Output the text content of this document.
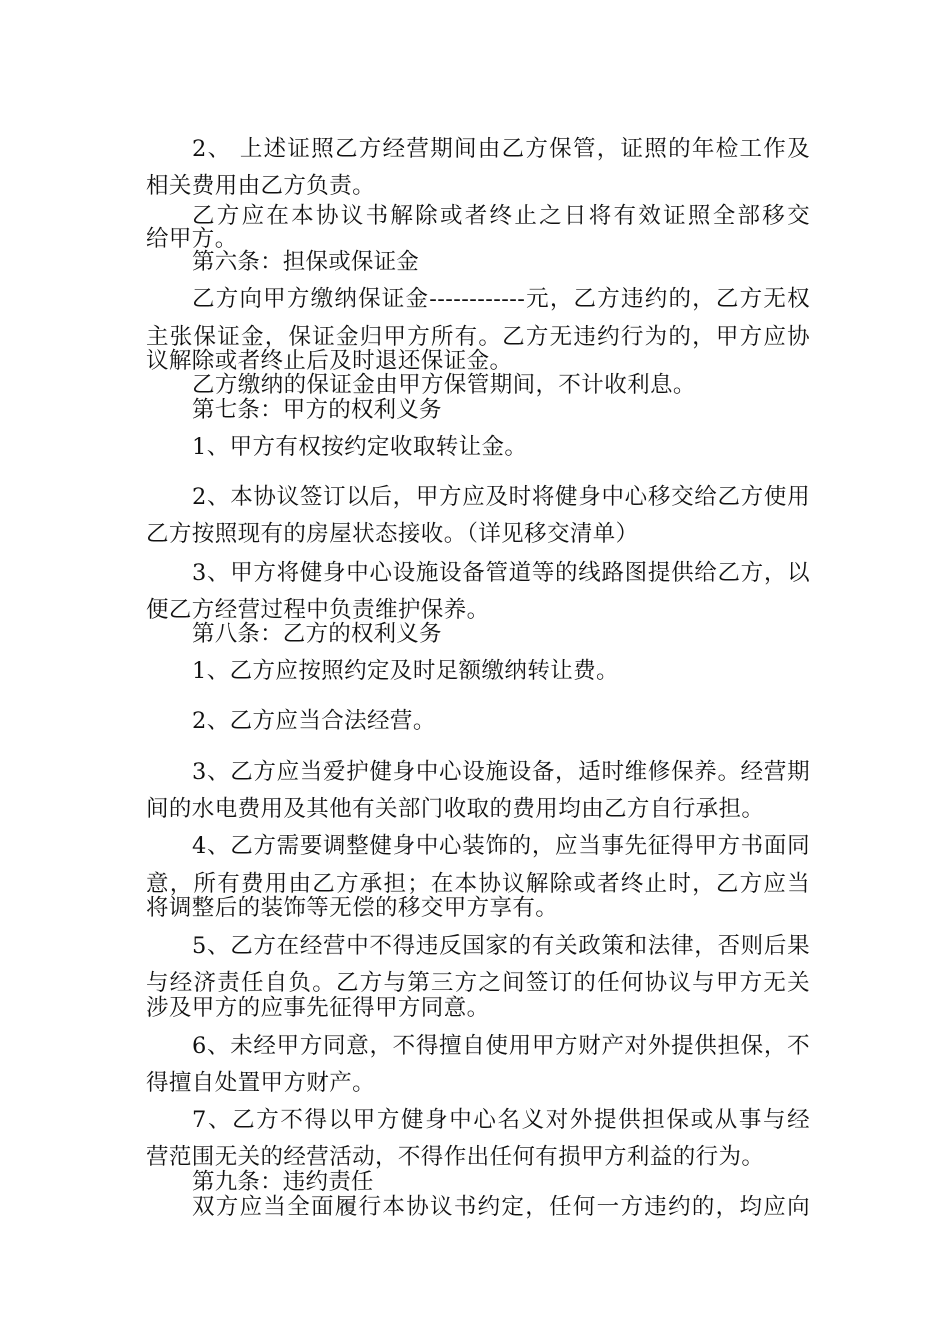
2、 上述证照乙方经营期间由乙方保管，证照的年检工作及
相关费用由乙方负责。
乙方应在本协议书解除或者终止之日将有效证照全部移交
给甲方。
第六条：担保或保证金
乙方向甲方缴纳保证金------------元，乙方违约的，乙方无权
主张保证金，保证金归甲方所有。乙方无违约行为的，甲方应协
议解除或者终止后及时退还保证金。
乙方缴纳的保证金由甲方保管期间，不计收利息。
第七条：甲方的权利义务
1、甲方有权按约定收取转让金。
2、本协议签订以后，甲方应及时将健身中心移交给乙方使用
乙方按照现有的房屋状态接收。（详见移交清单）
3、甲方将健身中心设施设备管道等的线路图提供给乙方，以
便乙方经营过程中负责维护保养。
第八条：乙方的权利义务
1、乙方应按照约定及时足额缴纳转让费。
2、乙方应当合法经营。
3、乙方应当爱护健身中心设施设备，适时维修保养。经营期
间的水电费用及其他有关部门收取的费用均由乙方自行承担。
4、乙方需要调整健身中心装饰的，应当事先征得甲方书面同
意，所有费用由乙方承担；在本协议解除或者终止时，乙方应当
将调整后的装饰等无偿的移交甲方享有。
5、乙方在经营中不得违反国家的有关政策和法律，否则后果
与经济责任自负。乙方与第三方之间签订的任何协议与甲方无关
涉及甲方的应事先征得甲方同意。
6、未经甲方同意，不得擅自使用甲方财产对外提供担保，不
得擅自处置甲方财产。
7、乙方不得以甲方健身中心名义对外提供担保或从事与经
营范围无关的经营活动，不得作出任何有损甲方利益的行为。
第九条：违约责任
双方应当全面履行本协议书约定，任何一方违约的，均应向
